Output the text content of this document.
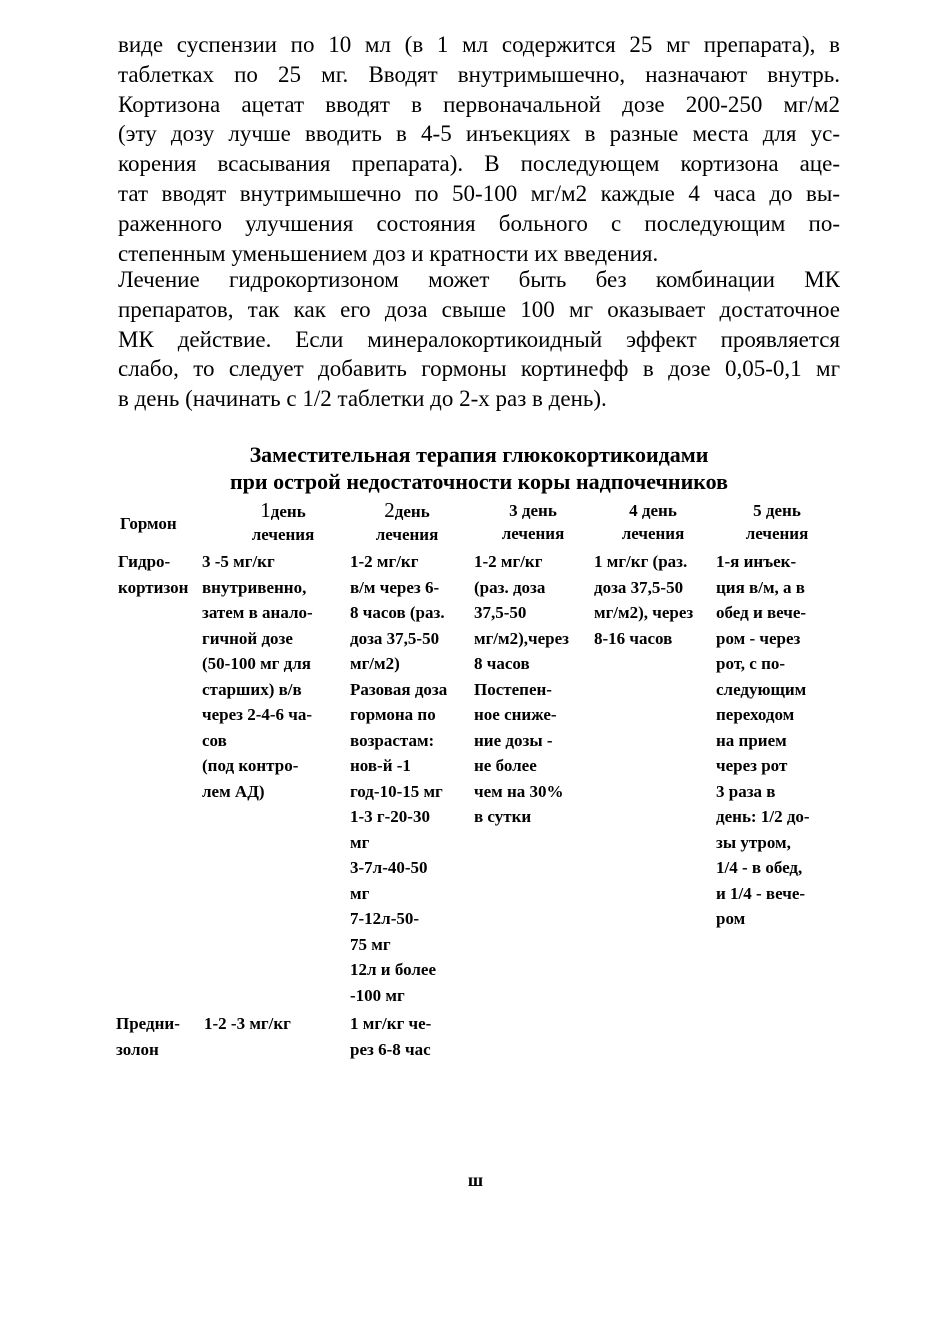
виде суспензии по 10 мл (в 1 мл содержится 25 мг препарата), в
таблетках по 25 мг. Вводят внутримышечно, назначают внутрь.
Кортизона ацетат вводят в первоначальной дозе 200-250 мг/м2
(эту дозу лучше вводить в 4-5 инъекциях в разные места для ус-
корения всасывания препарата). В последующем кортизона аце-
тат вводят внутримышечно по 50-100 мг/м2 каждые 4 часа до вы-
раженного улучшения состояния больного с последующим по-
степенным уменьшением доз и кратности их введения.
Лечение гидрокортизоном может быть без комбинации МК
препаратов, так как его доза свыше 100 мг оказывает достаточное
МК действие. Если минералокортикоидный эффект проявляется
слабо, то следует добавить гормоны кортинефф в дозе 0,05-0,1 мг
в день (начинать с 1/2 таблетки до 2-х раз в день).
Заместительная терапия глюкокортикоидами
при острой недостаточности коры надпочечников
Гормон
1день
лечения
2день
лечения
3 день
лечения
4 день
лечения
5 день
лечения
Гидро-
кортизон
3 -5 мг/кг
внутривенно,
затем в анало-
гичной дозе
(50-100 мг для
старших) в/в
через 2-4-6 ча-
сов
(под контро-
лем АД)
1-2 мг/кг
в/м через 6-
8 часов (раз.
доза 37,5-50
мг/м2)
Разовая доза
гормона по
возрастам:
нов-й -1
год-10-15 мг
1-3 г-20-30
мг
3-7л-40-50
мг
7-12л-50-
75 мг
12л и более
-100 мг
1-2 мг/кг
(раз. доза
37,5-50
мг/м2),через
8 часов
Постепен-
ное сниже-
ние дозы -
не более
чем на 30%
в сутки
1 мг/кг (раз.
доза 37,5-50
мг/м2), через
8-16 часов
1-я инъек-
ция в/м, а в
обед и вече-
ром - через
рот, с по-
следующим
переходом
на прием
через рот
3 раза в
день: 1/2 до-
зы утром,
1/4 - в обед,
и 1/4 - вече-
ром
Предни-
золон
1-2 -3 мг/кг	1 мг/кг че-
рез 6-8 час
ш
